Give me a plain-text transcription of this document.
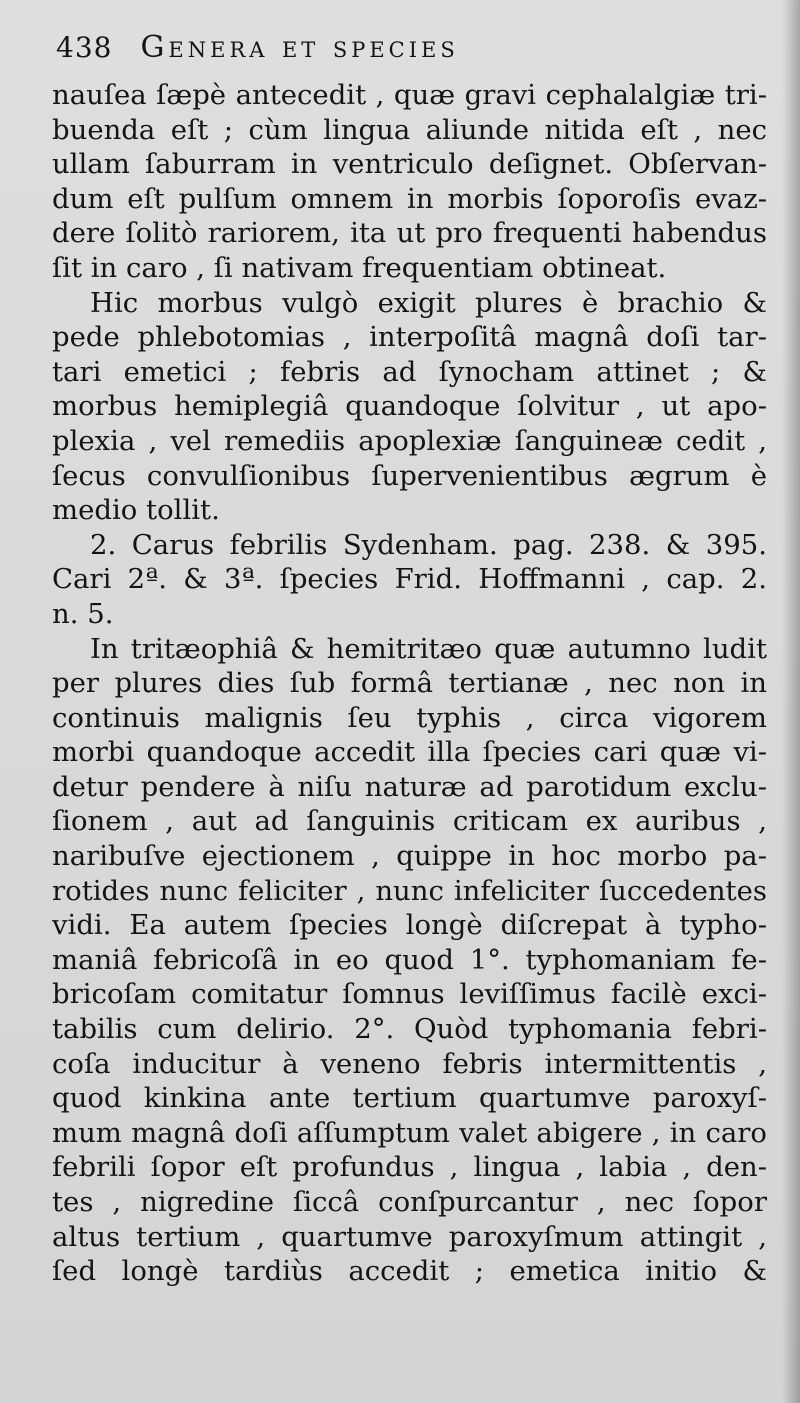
438 Genera et species
nauſea ſæpè antecedit , quæ gravi cephalalgiæ tri-
buenda eſt ; cùm lingua aliunde nitida eſt , nec
ullam ſaburram in ventriculo deſignet. Obſervan-
dum eſt pulſum omnem in morbis ſoporoſis evaz-
dere ſolitò rariorem, ita ut pro frequenti habendus
ſit in caro , ſi nativam frequentiam obtineat.
Hic morbus vulgò exigit plures è brachio &
pede phlebotomias , interpoſitâ magnâ doſi tar-
tari emetici ; febris ad ſynocham attinet ; &
morbus hemiplegiâ quandoque ſolvitur , ut apo-
plexia , vel remediis apoplexiæ ſanguineæ cedit ,
ſecus convulſionibus ſupervenientibus ægrum è
medio tollit.
2. Carus febrilis Sydenham. pag. 238. & 395.
Cari 2ª. & 3ª. ſpecies Frid. Hoffmanni , cap. 2.
n. 5.
In tritæophiâ & hemitritæo quæ autumno ludit
per plures dies ſub formâ tertianæ , nec non in
continuis malignis ſeu typhis , circa vigorem
morbi quandoque accedit illa ſpecies cari quæ vi-
detur pendere à niſu naturæ ad parotidum exclu-
ſionem , aut ad ſanguinis criticam ex auribus ,
naribuſve ejectionem , quippe in hoc morbo pa-
rotides nunc feliciter , nunc infeliciter ſuccedentes
vidi. Ea autem ſpecies longè diſcrepat à typho-
maniâ febricoſâ in eo quod 1°. typhomaniam fe-
bricoſam comitatur ſomnus leviſſimus facilè exci-
tabilis cum delirio. 2°. Quòd typhomania febri-
coſa inducitur à veneno febris intermittentis ,
quod kinkina ante tertium quartumve paroxyſ-
mum magnâ doſi aſſumptum valet abigere , in caro
febrili ſopor eſt profundus , lingua , labia , den-
tes , nigredine ſiccâ conſpurcantur , nec ſopor
altus tertium , quartumve paroxyſmum attingit ,
ſed longè tardiùs accedit ; emetica initio &
